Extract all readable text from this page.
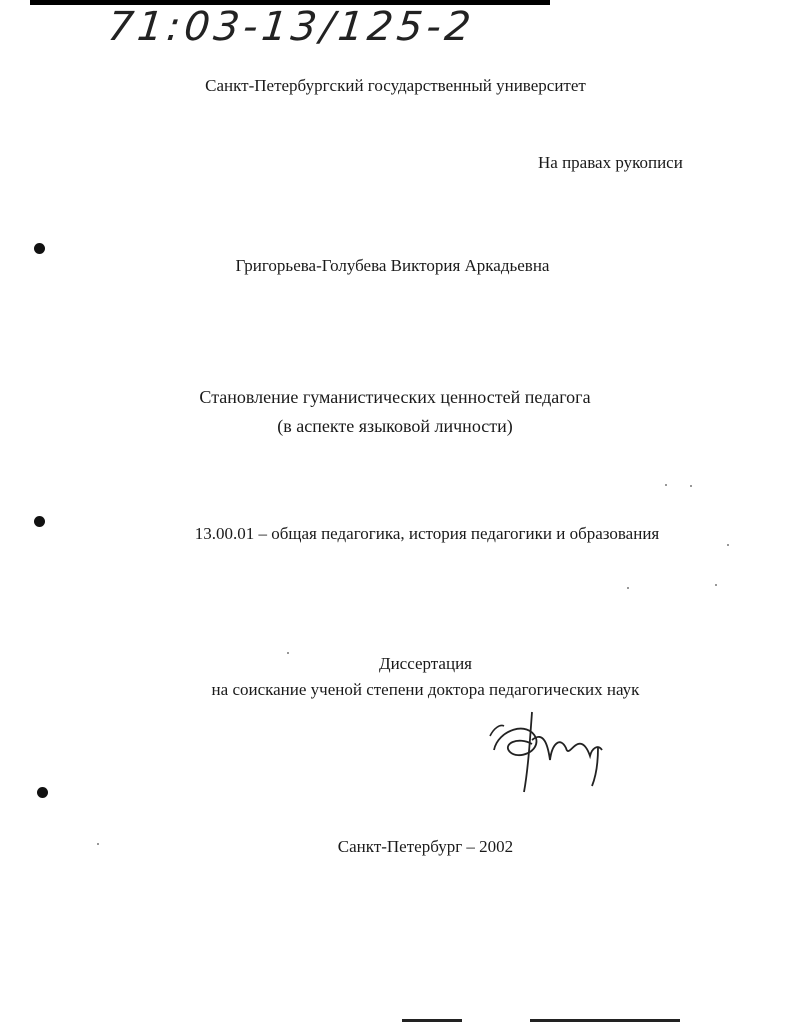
71:03-13/125-2
Санкт-Петербургский государственный университет
На правах рукописи
Григорьева-Голубева Виктория Аркадьевна
Становление гуманистических ценностей педагога
(в аспекте языковой личности)
13.00.01 – общая педагогика, история педагогики и образования
Диссертация
на соискание ученой степени доктора педагогических наук
Санкт-Петербург – 2002
